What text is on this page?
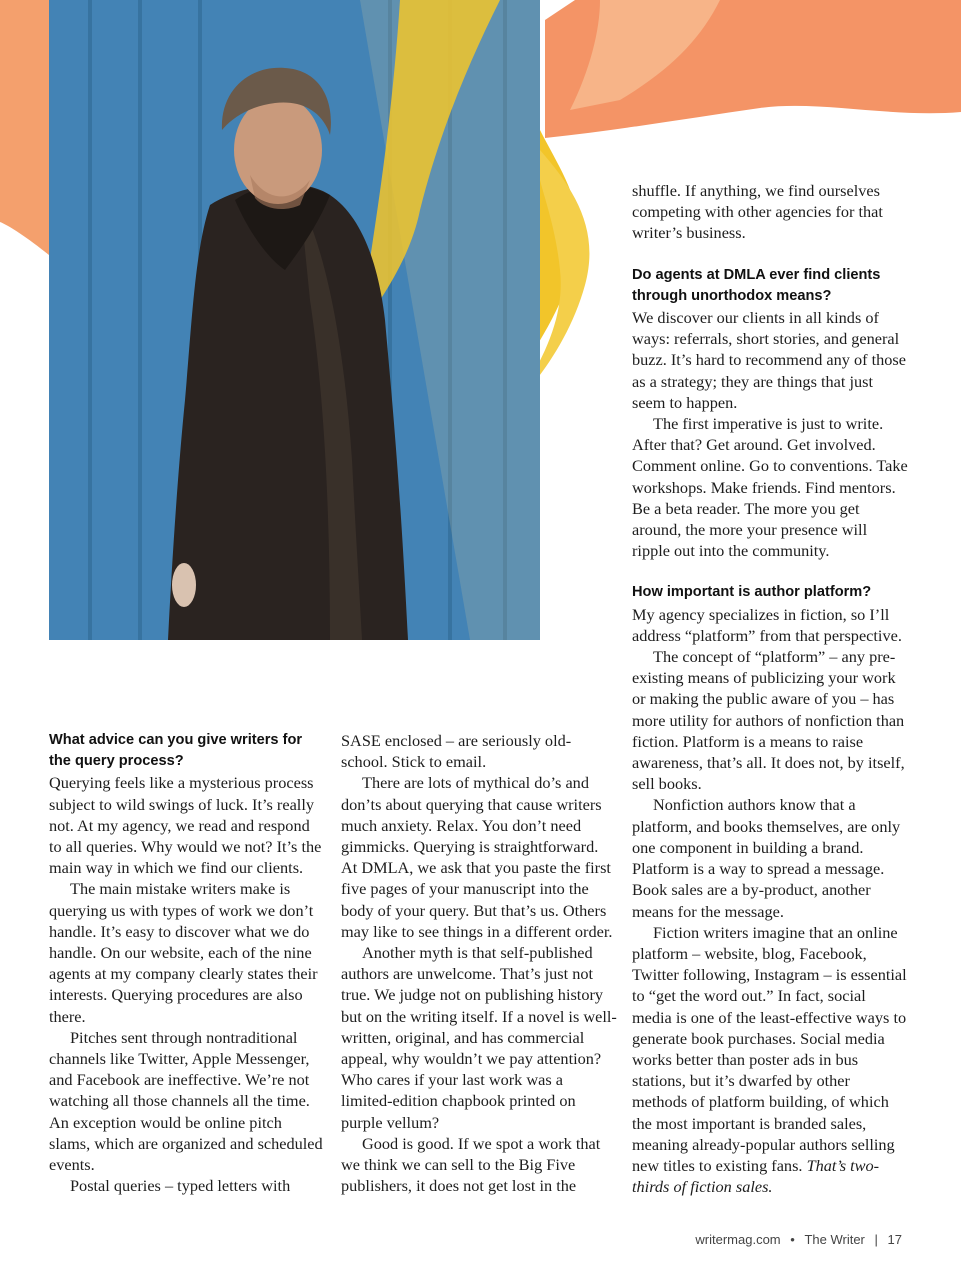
What advice can you give writers for the query process?

Querying feels like a mysterious process subject to wild swings of luck. It’s really not. At my agency, we read and respond to all queries. Why would we not? It’s the main way in which we find our clients.

The main mistake writers make is querying us with types of work we don’t handle. It’s easy to discover what we do handle. On our website, each of the nine agents at my company clearly states their interests. Querying procedures are also there.

Pitches sent through nontraditional channels like Twitter, Apple Messenger, and Facebook are ineffective. We’re not watching all those channels all the time. An exception would be online pitch slams, which are organized and scheduled events.

Postal queries – typed letters with

SASE enclosed – are seriously old-school. Stick to email.

There are lots of mythical do’s and don’ts about querying that cause writers much anxiety. Relax. You don’t need gimmicks. Querying is straightforward. At DMLA, we ask that you paste the first five pages of your manuscript into the body of your query. But that’s us. Others may like to see things in a different order.

Another myth is that self-published authors are unwelcome. That’s just not true. We judge not on publishing history but on the writing itself. If a novel is well-written, original, and has commercial appeal, why wouldn’t we pay attention? Who cares if your last work was a limited-edition chapbook printed on purple vellum?

Good is good. If we spot a work that we think we can sell to the Big Five publishers, it does not get lost in the

shuffle. If anything, we find ourselves competing with other agencies for that writer’s business.

Do agents at DMLA ever find clients through unorthodox means?

We discover our clients in all kinds of ways: referrals, short stories, and general buzz. It’s hard to recommend any of those as a strategy; they are things that just seem to happen.

The first imperative is just to write. After that? Get around. Get involved. Comment online. Go to conventions. Take workshops. Make friends. Find mentors. Be a beta reader. The more you get around, the more your presence will ripple out into the community.

How important is author platform?

My agency specializes in fiction, so I’ll address “platform” from that perspective.

The concept of “platform” – any pre-existing means of publicizing your work or making the public aware of you – has more utility for authors of nonfiction than fiction. Platform is a means to raise awareness, that’s all. It does not, by itself, sell books.

Nonfiction authors know that a platform, and books themselves, are only one component in building a brand. Platform is a way to spread a message. Book sales are a by-product, another means for the message.

Fiction writers imagine that an online platform – website, blog, Facebook, Twitter following, Instagram – is essential to “get the word out.” In fact, social media is one of the least-effective ways to generate book purchases. Social media works better than poster ads in bus stations, but it’s dwarfed by other methods of platform building, of which the most important is branded sales, meaning already-popular authors selling new titles to existing fans. That’s two-thirds of fiction sales.

writermag.com • The Writer | 17
